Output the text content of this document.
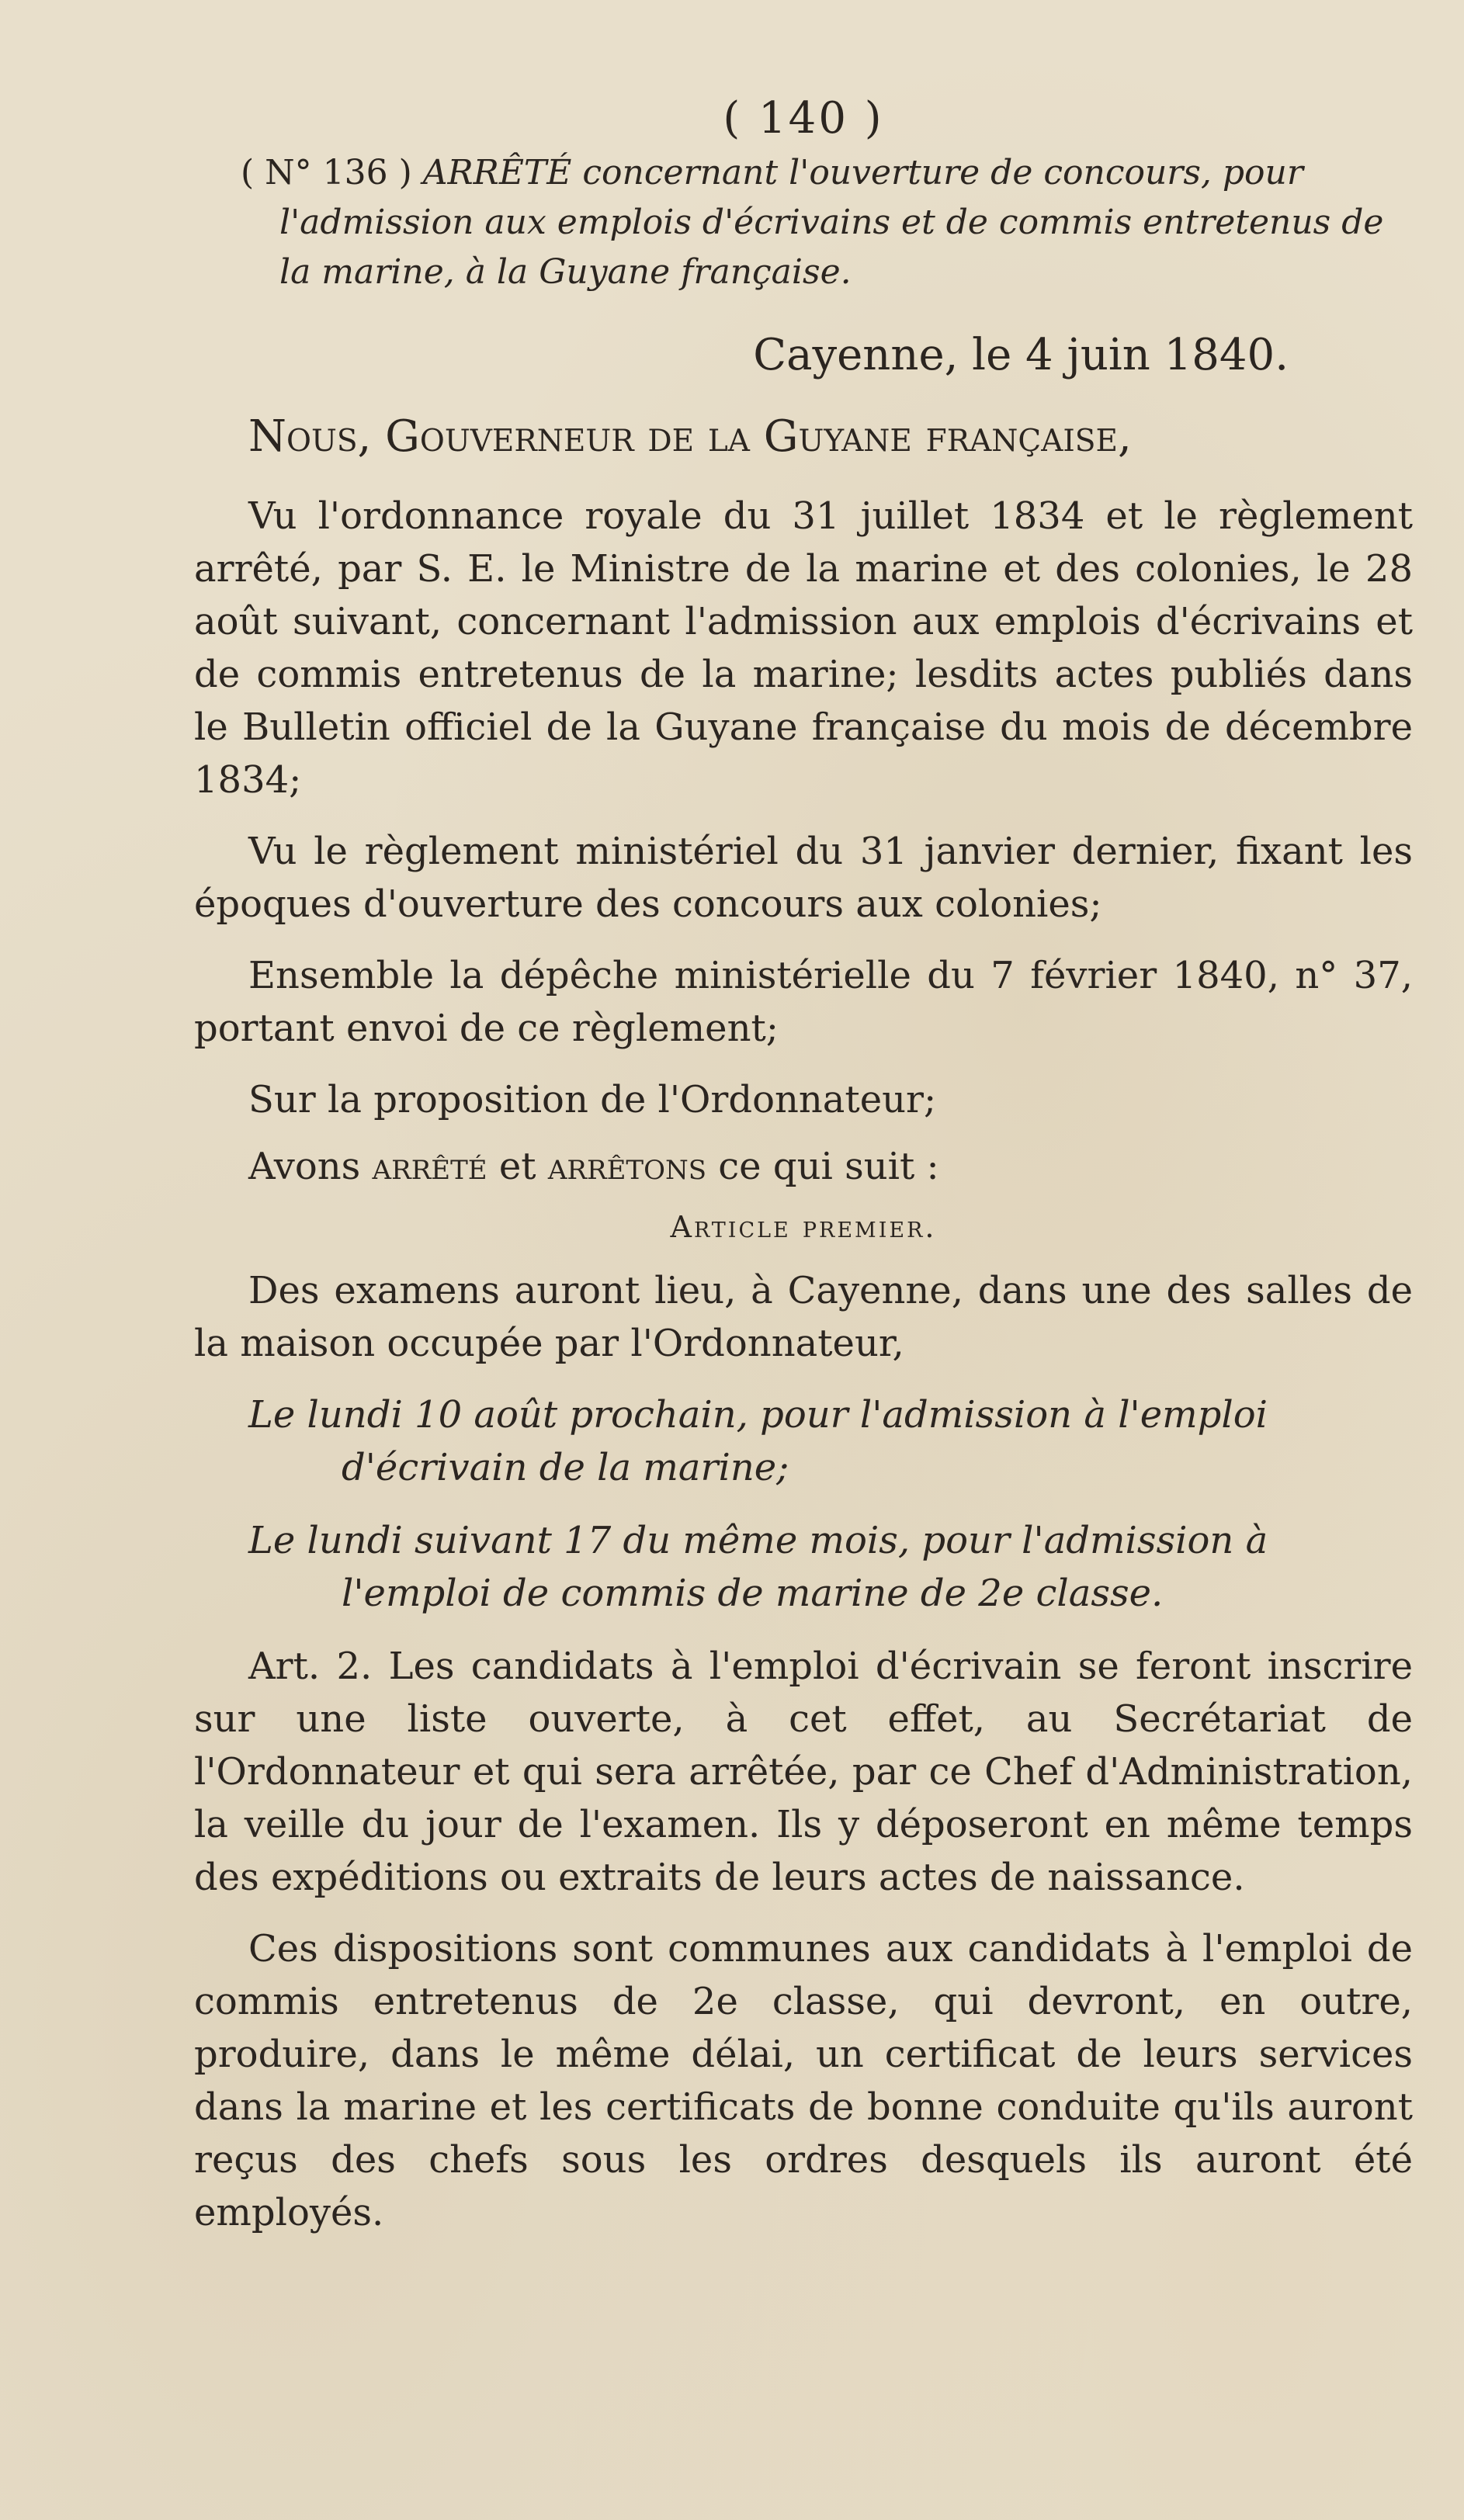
( 140 )
( N° 136 ) ARRÊTÉ concernant l'ouverture de concours, pour l'admission aux emplois d'écrivains et de commis entretenus de la marine, à la Guyane française.
Cayenne, le 4 juin 1840.
Nous, Gouverneur de la Guyane française,

Vu l'ordonnance royale du 31 juillet 1834 et le règlement arrêté, par S. E. le Ministre de la marine et des colonies, le 28 août suivant, concernant l'admission aux emplois d'écrivains et de commis entretenus de la marine; lesdits actes publiés dans le Bulletin officiel de la Guyane française du mois de décembre 1834;

Vu le règlement ministériel du 31 janvier dernier, fixant les époques d'ouverture des concours aux colonies;

Ensemble la dépêche ministérielle du 7 février 1840, n° 37, portant envoi de ce règlement;

Sur la proposition de l'Ordonnateur;

Avons arrêté et arrêtons ce qui suit :
Article premier.

Des examens auront lieu, à Cayenne, dans une des salles de la maison occupée par l'Ordonnateur,

Le lundi 10 août prochain, pour l'admission à l'emploi d'écrivain de la marine;

Le lundi suivant 17 du même mois, pour l'admission à l'emploi de commis de marine de 2e classe.

Art. 2. Les candidats à l'emploi d'écrivain se feront inscrire sur une liste ouverte, à cet effet, au Secrétariat de l'Ordonnateur et qui sera arrêtée, par ce Chef d'Administration, la veille du jour de l'examen. Ils y déposeront en même temps des expéditions ou extraits de leurs actes de naissance.

Ces dispositions sont communes aux candidats à l'emploi de commis entretenus de 2e classe, qui devront, en outre, produire, dans le même délai, un certificat de leurs services dans la marine et les certificats de bonne conduite qu'ils auront reçus des chefs sous les ordres desquels ils auront été employés.
